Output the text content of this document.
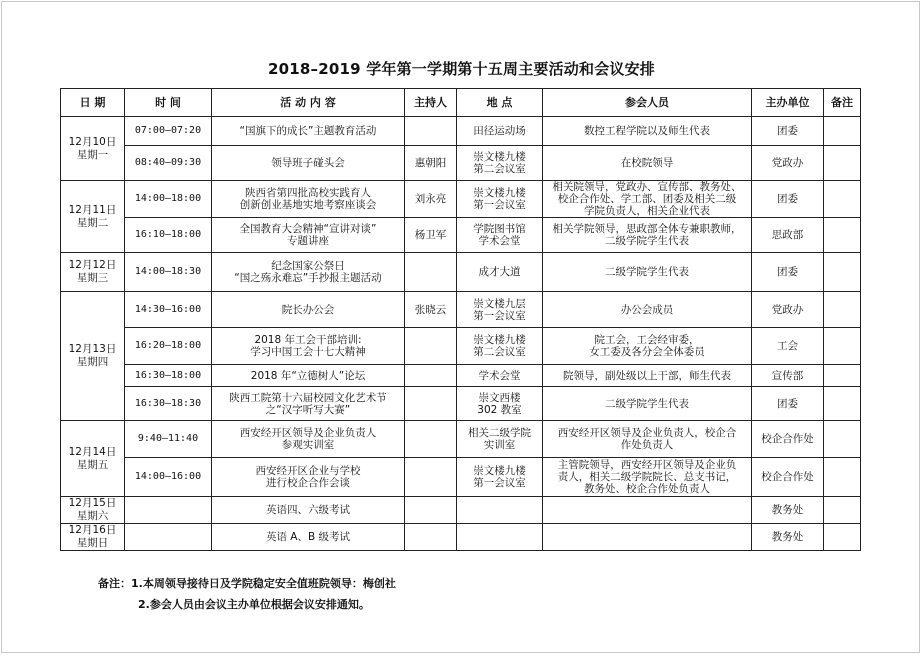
2018–2019 学年第一学期第十五周主要活动和会议安排
日 期	时 间	活 动 内 容	主持人	地 点	参会人员	主办单位	备注

12月10日
星期一	07:00–07:20	“国旗下的成长”主题教育活动		田径运动场	数控工程学院以及师生代表	团委	
	08:40–09:30	领导班子碰头会	惠朝阳	崇文楼九楼
第二会议室	在校院领导	党政办	

12月11日
星期二	14:00–18:00	陕西省第四批高校实践育人
创新创业基地实地考察座谈会	刘永亮	崇文楼九楼
第一会议室	相关院领导，党政办、宣传部、教务处、
校企合作处、学工部、团委及相关二级
学院负责人，相关企业代表	团委	
	16:10–18:00	全国教育大会精神“宣讲对谈”
专题讲座	杨卫军	学院图书馆
学术会堂	相关学院领导，思政部全体专兼职教师，
二级学院学生代表	思政部	

12月12日
星期三	14:00–18:30	纪念国家公祭日
“国之殇永难忘”手抄报主题活动		成才大道	二级学院学生代表	团委	

12月13日
星期四	14:30–16:00	院长办公会	张晓云	崇文楼九层
第一会议室	办公会成员	党政办	
	16:20–18:00	2018 年工会干部培训:
学习中国工会十七大精神		崇文楼九楼
第二会议室	院工会，工会经审委，
女工委及各分会全体委员	工会	
	16:30–18:00	2018 年“立德树人”论坛		学术会堂	院领导，副处级以上干部，师生代表	宣传部	
	16:30–18:30	陕西工院第十六届校园文化艺术节
之“汉字听写大赛”		崇文西楼
302 教室	二级学院学生代表	团委	

12月14日
星期五	9:40–11:40	西安经开区领导及企业负责人
参观实训室		相关二级学院
实训室	西安经开区领导及企业负责人，校企合
作处负责人	校企合作处	
	14:00–16:00	西安经开区企业与学校
进行校企合作会谈		崇文楼九楼
第一会议室	主管院领导，西安经开区领导及企业负
责人，相关二级学院院长、总支书记，
教务处、校企合作处负责人	校企合作处	

12月15日
星期六		英语四、六级考试				教务处	

12月16日
星期日		英语 A、B 级考试				教务处	
备注：1.本周领导接待日及学院稳定安全值班院领导：梅创社
2.参会人员由会议主办单位根据会议安排通知。
